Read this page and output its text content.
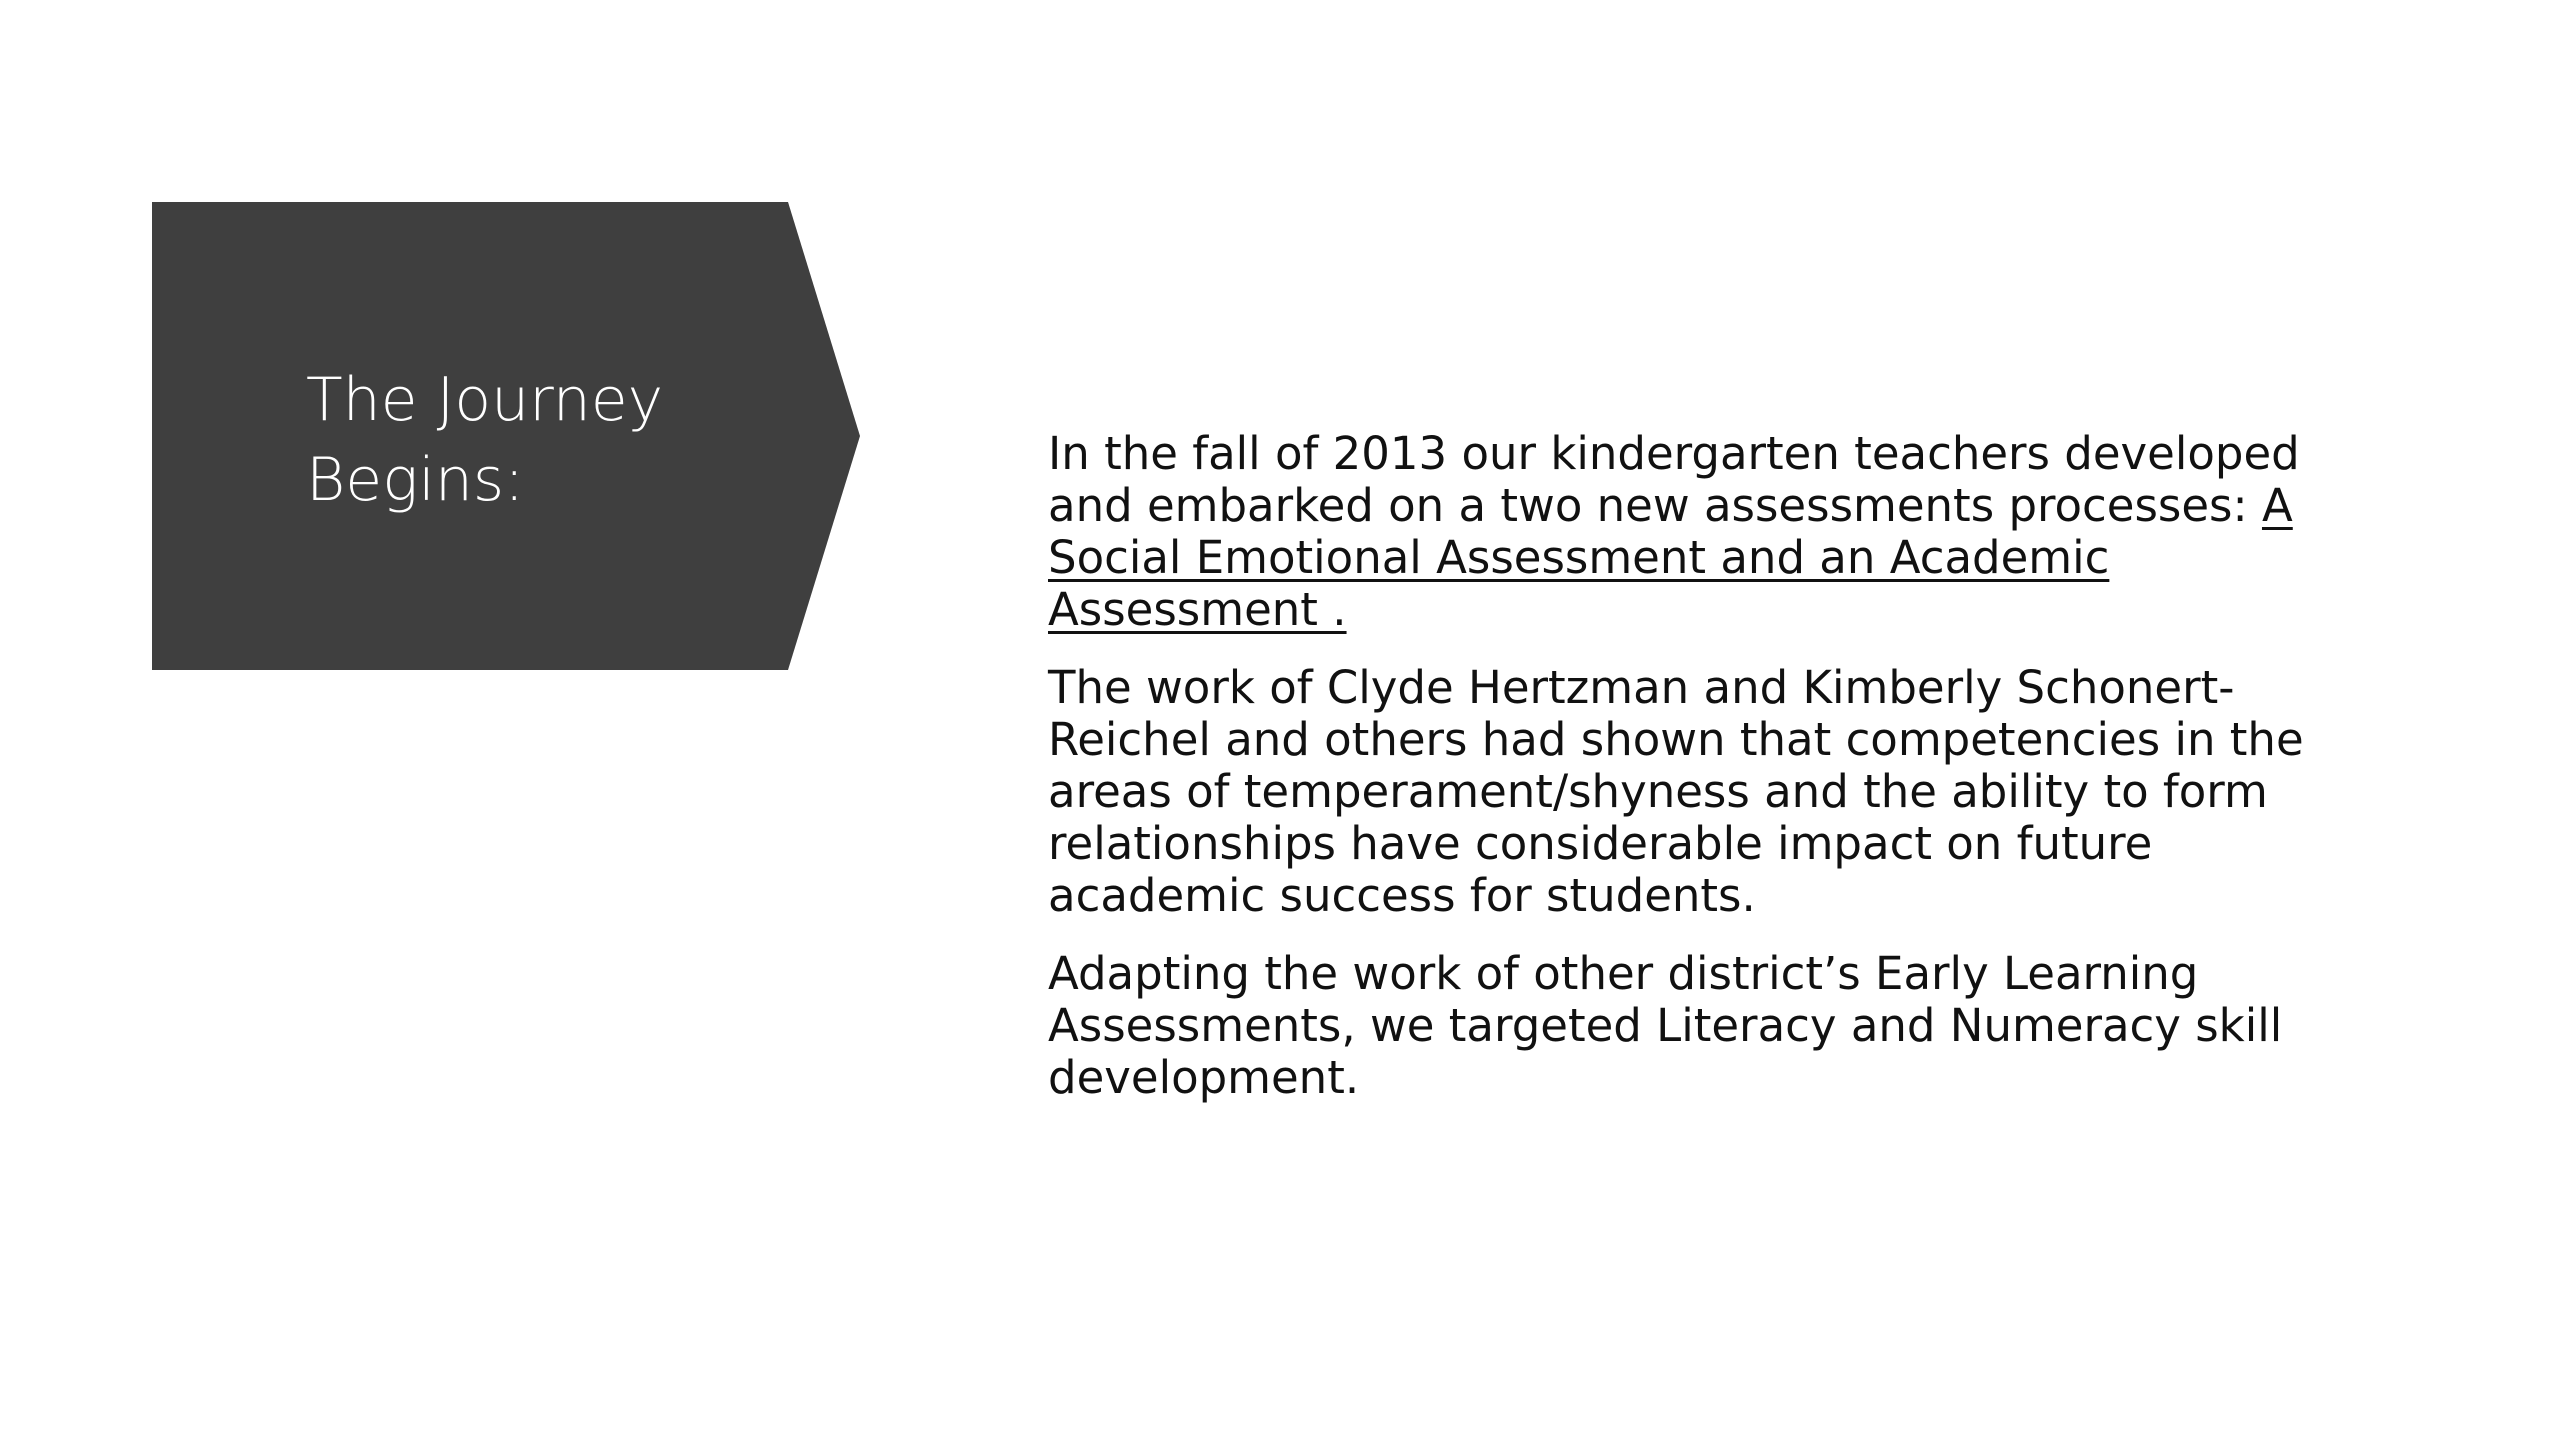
The Journey
Begins:	In the fall of 2013 our kindergarten teachers developed and embarked on a two new assessments processes: A Social Emotional Assessment and an Academic Assessment .

The work of Clyde Hertzman and Kimberly Schonert-Reichel and others had shown that competencies in the areas of temperament/shyness and the ability to form relationships have considerable impact on future academic success for students.

Adapting the work of other district’s Early Learning Assessments, we targeted Literacy and Numeracy skill development.
